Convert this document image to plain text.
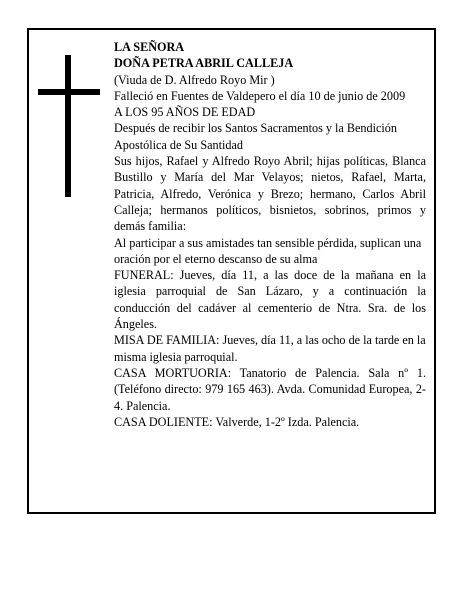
LA SEÑORA

DOÑA PETRA ABRIL CALLEJA

(Viuda de D. Alfredo Royo Mir )

Falleció en Fuentes de Valdepero el día 10 de junio de 2009

A LOS 95 AÑOS DE EDAD

Después de recibir los Santos Sacramentos y la Bendición Apostólica de Su Santidad

Sus hijos, Rafael y Alfredo Royo Abril; hijas políticas, Blanca Bustillo y María del Mar Velayos; nietos, Rafael, Marta, Patricia, Alfredo, Verónica y Brezo; hermano, Carlos Abril Calleja; hermanos políticos, bisnietos, sobrinos, primos y demás familia:

Al participar a sus amistades tan sensible pérdida, suplican una oración por el eterno descanso de su alma

FUNERAL: Jueves, día 11, a las doce de la mañana en la iglesia parroquial de San Lázaro, y a continuación la conducción del cadáver al cementerio de Ntra. Sra. de los Ángeles.

MISA DE FAMILIA: Jueves, día 11, a las ocho de la tarde en la misma iglesia parroquial.

CASA MORTUORIA: Tanatorio de Palencia. Sala nº 1. (Teléfono directo: 979 165 463). Avda. Comunidad Europea, 2-4. Palencia.

CASA DOLIENTE: Valverde, 1-2º Izda. Palencia.
